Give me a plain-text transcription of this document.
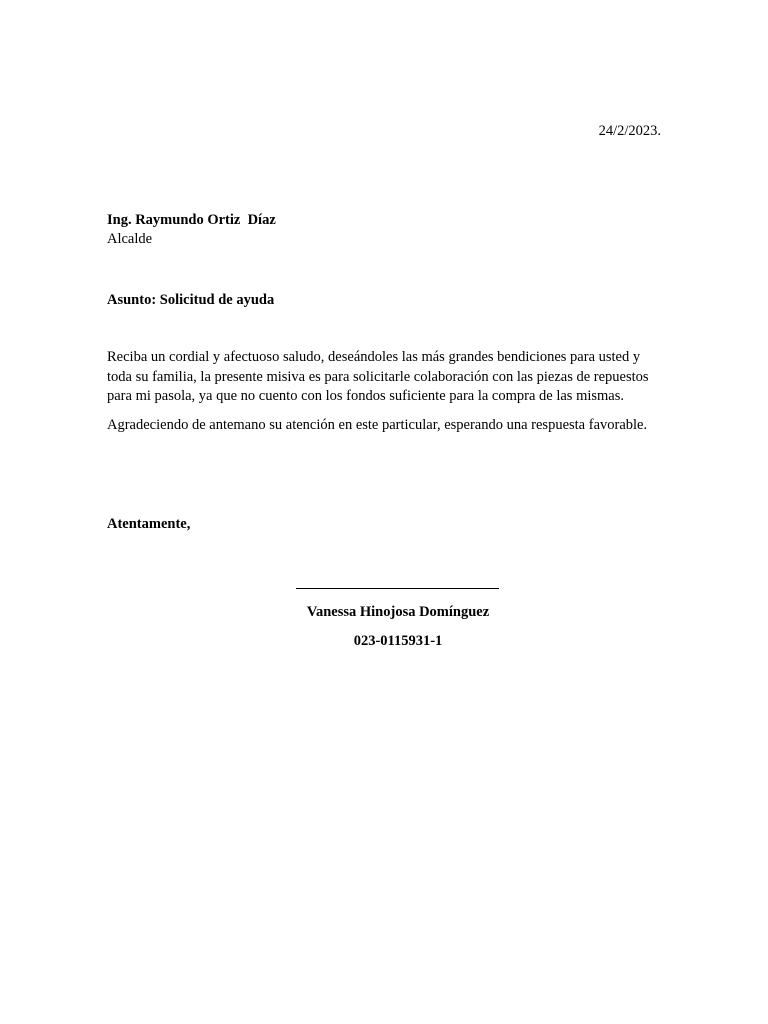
24/2/2023.
Ing. Raymundo Ortiz  Díaz
Alcalde
Asunto: Solicitud de ayuda

Reciba un cordial y afectuoso saludo, deseándoles las más grandes bendiciones para usted y toda su familia, la presente misiva es para solicitarle colaboración con las piezas de repuestos para mi pasola, ya que no cuento con los fondos suficiente para la compra de las mismas.

Agradeciendo de antemano su atención en este particular, esperando una respuesta favorable.

Atentamente,
Vanessa Hinojosa Domínguez
023-0115931-1
